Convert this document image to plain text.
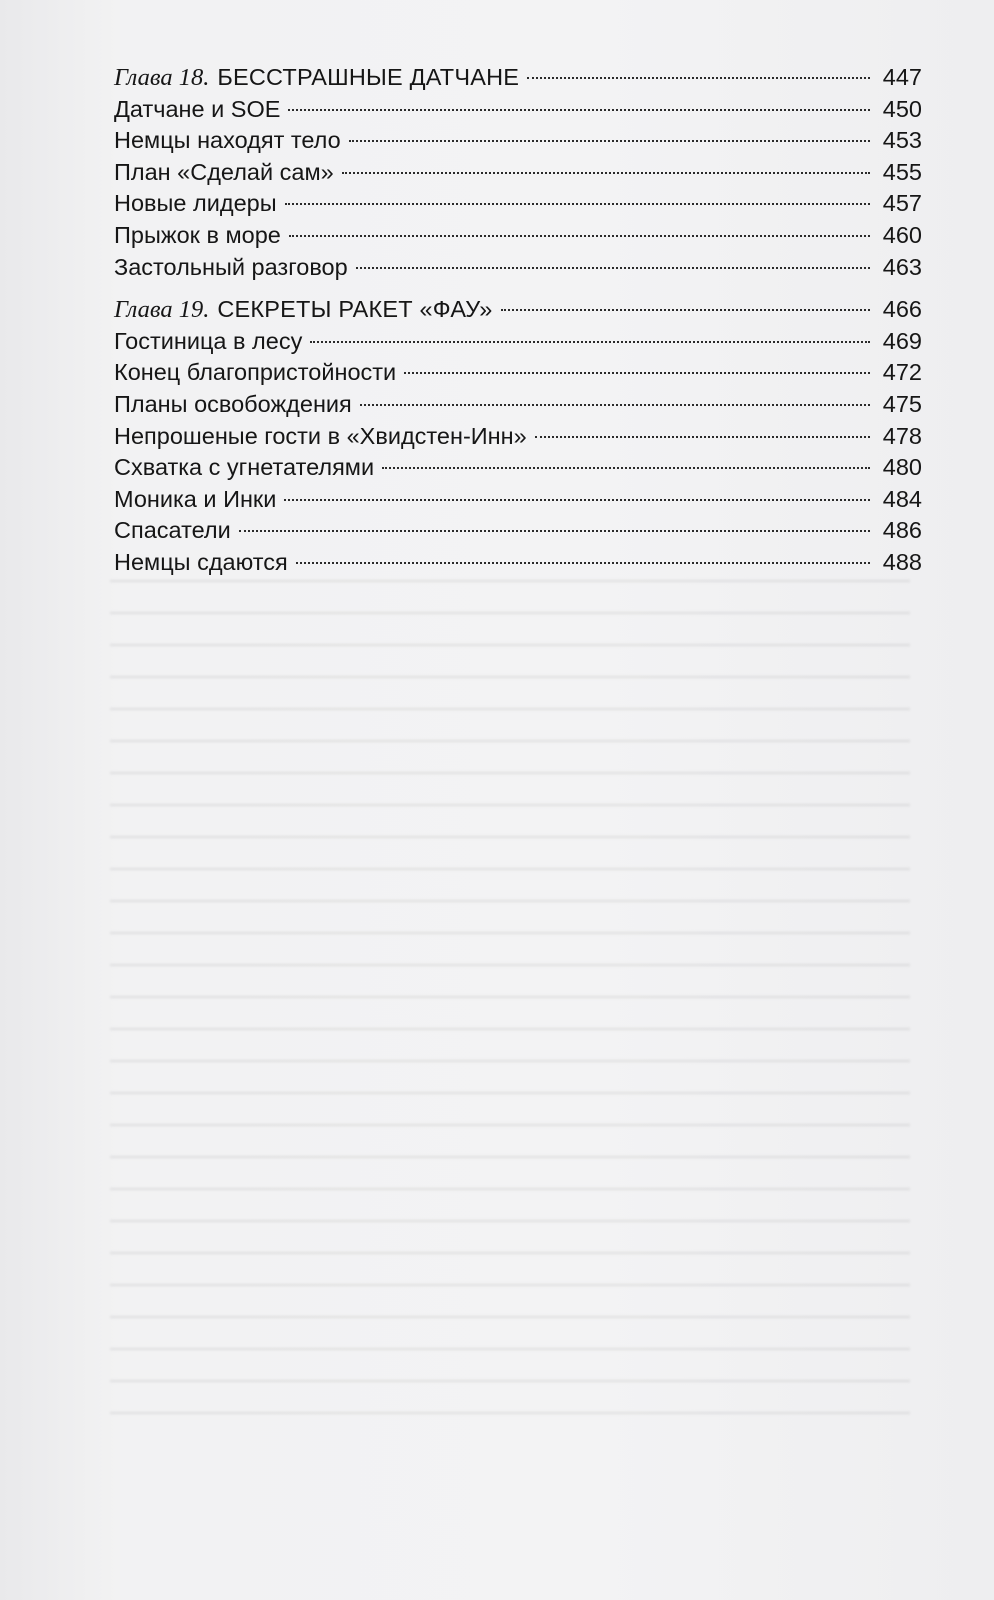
Глава 18. БЕССТРАШНЫЕ ДАТЧАНЕ	447
Датчане и SOE	450
Немцы находят тело	453
План «Сделай сам»	455
Новые лидеры	457
Прыжок в море	460
Застольный разговор	463
Глава 19. СЕКРЕТЫ РАКЕТ «ФАУ»	466
Гостиница в лесу	469
Конец благопристойности	472
Планы освобождения	475
Непрошеные гости в «Хвидстен-Инн»	478
Схватка с угнетателями	480
Моника и Инки	484
Спасатели	486
Немцы сдаются	488
